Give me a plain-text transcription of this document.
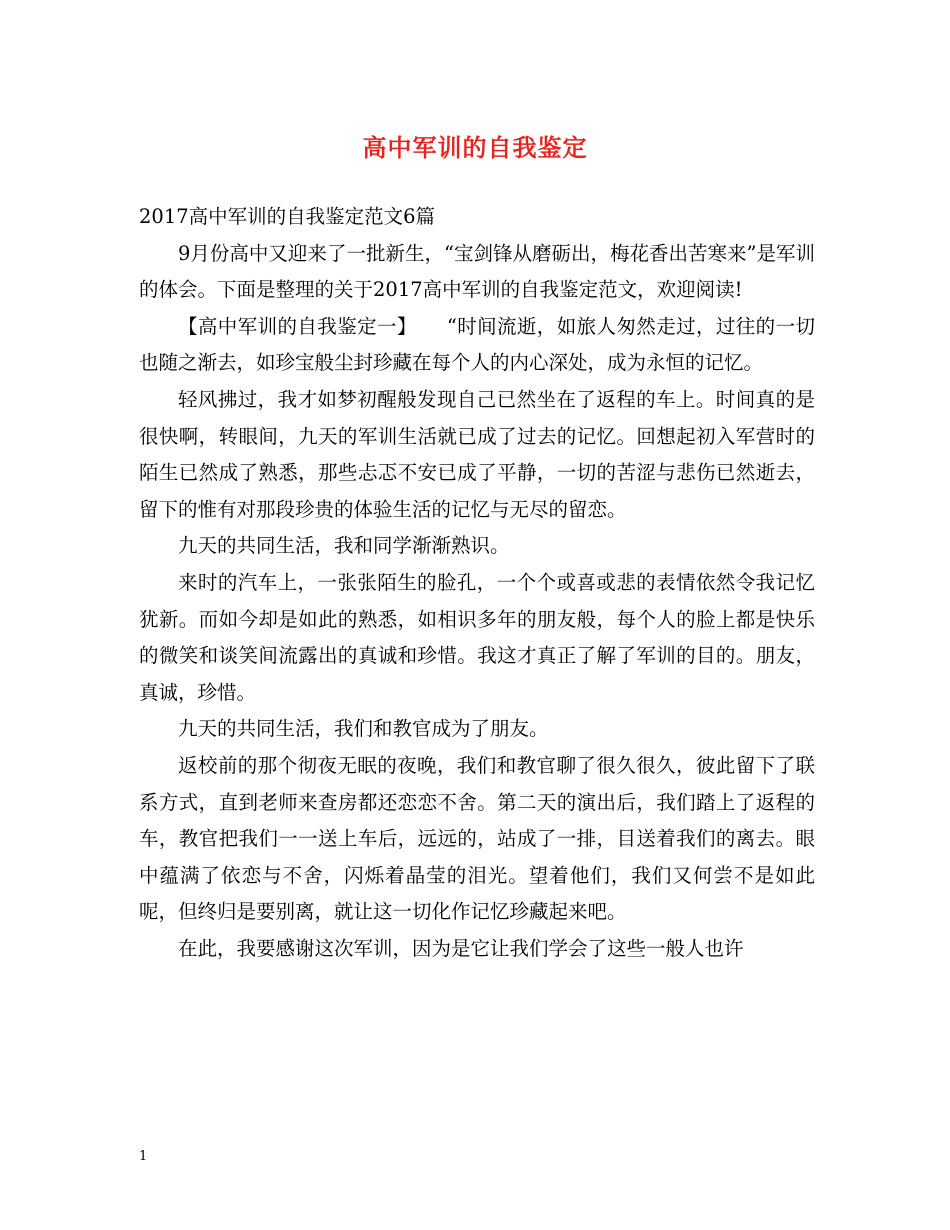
高中军训的自我鉴定

2017高中军训的自我鉴定范文6篇

9月份高中又迎来了一批新生，“宝剑锋从磨砺出，梅花香出苦寒来”是军训的体会。下面是整理的关于2017高中军训的自我鉴定范文，欢迎阅读!

【高中军训的自我鉴定一】　　“时间流逝，如旅人匆然走过，过往的一切也随之渐去，如珍宝般尘封珍藏在每个人的内心深处，成为永恒的记忆。

轻风拂过，我才如梦初醒般发现自己已然坐在了返程的车上。时间真的是很快啊，转眼间，九天的军训生活就已成了过去的记忆。回想起初入军营时的陌生已然成了熟悉，那些忐忑不安已成了平静，一切的苦涩与悲伤已然逝去，留下的惟有对那段珍贵的体验生活的记忆与无尽的留恋。

九天的共同生活，我和同学渐渐熟识。

来时的汽车上，一张张陌生的脸孔，一个个或喜或悲的表情依然令我记忆犹新。而如今却是如此的熟悉，如相识多年的朋友般，每个人的脸上都是快乐的微笑和谈笑间流露出的真诚和珍惜。我这才真正了解了军训的目的。朋友，真诚，珍惜。

九天的共同生活，我们和教官成为了朋友。

返校前的那个彻夜无眠的夜晚，我们和教官聊了很久很久，彼此留下了联系方式，直到老师来查房都还恋恋不舍。第二天的演出后，我们踏上了返程的车，教官把我们一一送上车后，远远的，站成了一排，目送着我们的离去。眼中蕴满了依恋与不舍，闪烁着晶莹的泪光。望着他们，我们又何尝不是如此呢，但终归是要别离，就让这一切化作记忆珍藏起来吧。

在此，我要感谢这次军训，因为是它让我们学会了这些一般人也许

1
